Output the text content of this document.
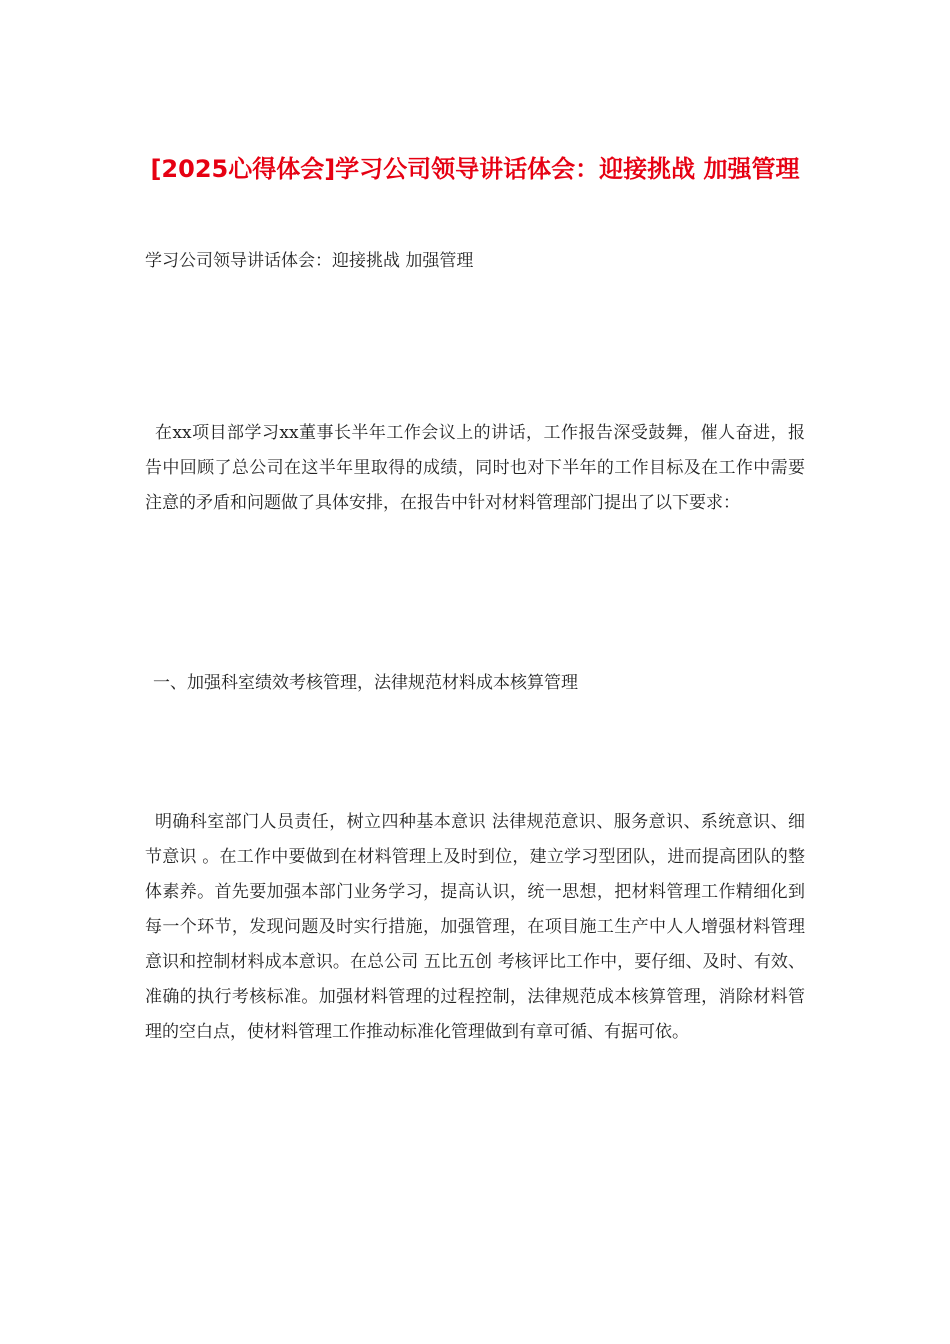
[2025心得体会]学习公司领导讲话体会：迎接挑战 加强管理
学习公司领导讲话体会：迎接挑战 加强管理

在xx项目部学习xx董事长半年工作会议上的讲话，工作报告深受鼓舞，催人奋进，报告中回顾了总公司在这半年里取得的成绩，同时也对下半年的工作目标及在工作中需要注意的矛盾和问题做了具体安排，在报告中针对材料管理部门提出了以下要求：

一、加强科室绩效考核管理，法律规范材料成本核算管理

明确科室部门人员责任，树立四种基本意识 法律规范意识、服务意识、系统意识、细节意识 。在工作中要做到在材料管理上及时到位，建立学习型团队，进而提高团队的整体素养。首先要加强本部门业务学习，提高认识，统一思想，把材料管理工作精细化到每一个环节，发现问题及时实行措施，加强管理，在项目施工生产中人人增强材料管理意识和控制材料成本意识。在总公司 五比五创 考核评比工作中，要仔细、及时、有效、准确的执行考核标准。加强材料管理的过程控制，法律规范成本核算管理，消除材料管理的空白点，使材料管理工作推动标准化管理做到有章可循、有据可依。
